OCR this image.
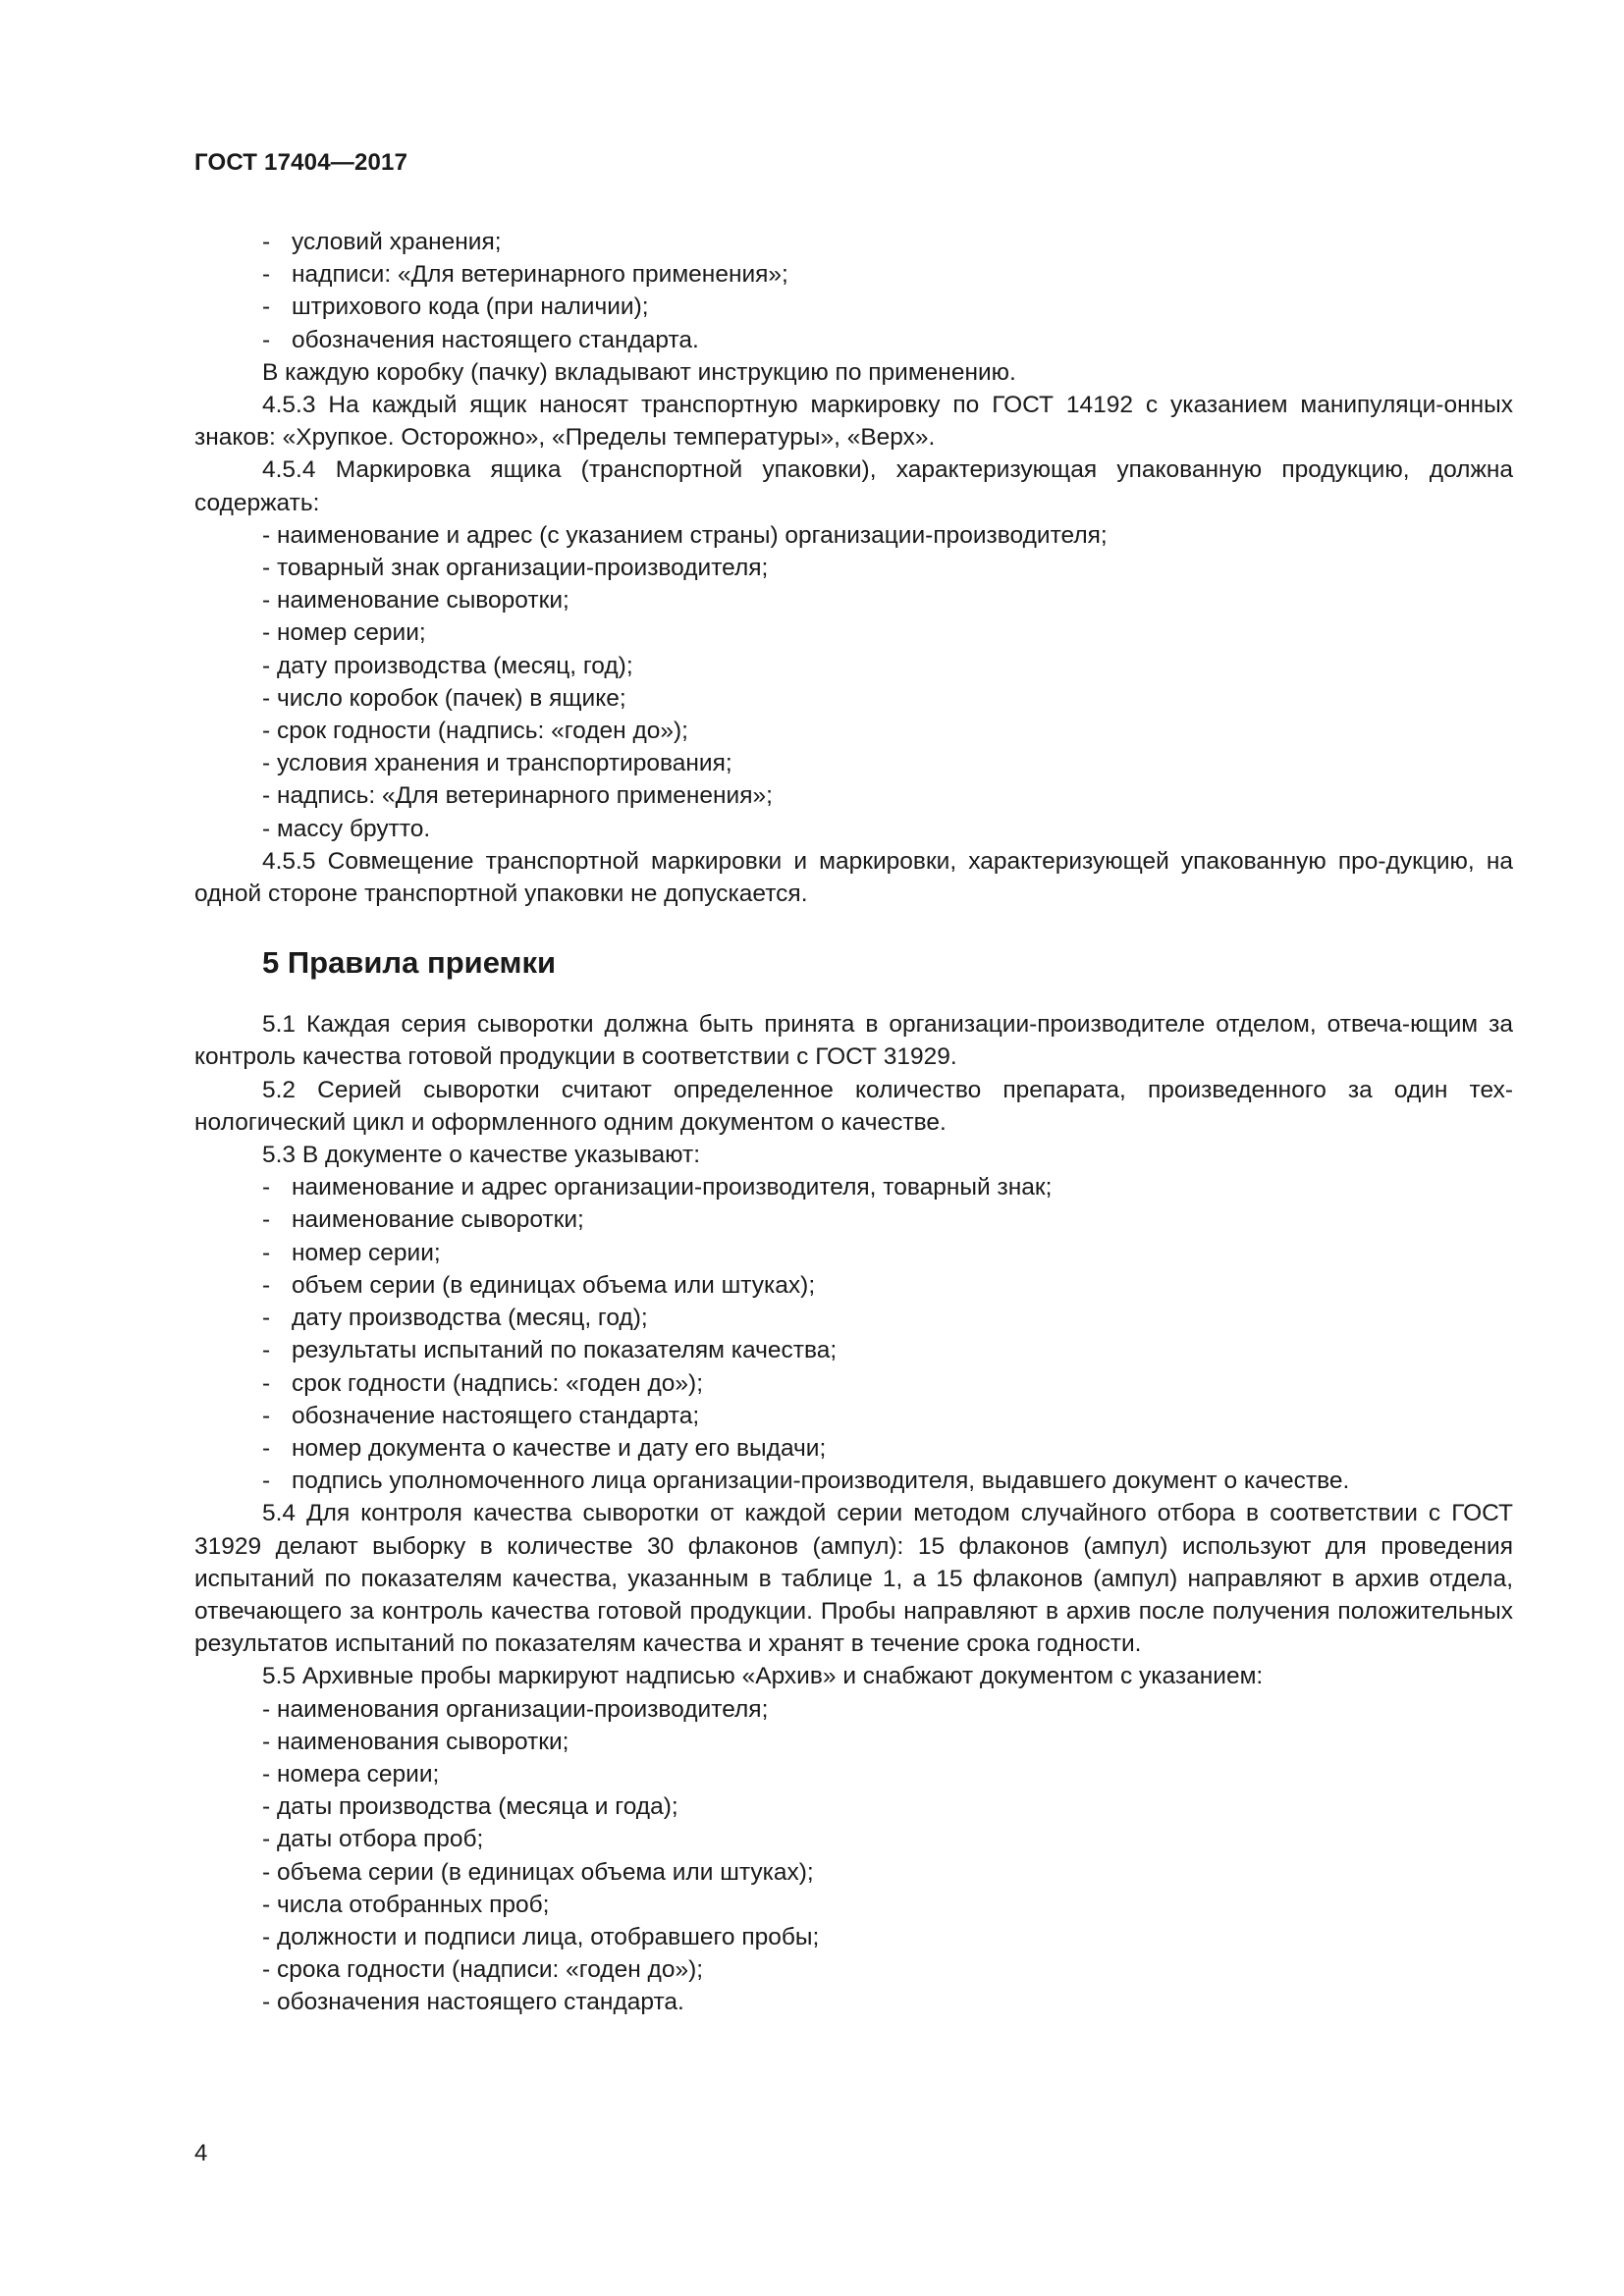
ГОСТ 17404—2017

- условий хранения;

- надписи: «Для ветеринарного применения»;

- штрихового кода (при наличии);

- обозначения настоящего стандарта.

В каждую коробку (пачку) вкладывают инструкцию по применению.

4.5.3 На каждый ящик наносят транспортную маркировку по ГОСТ 14192 с указанием манипуляци-онных знаков: «Хрупкое. Осторожно», «Пределы температуры», «Верх».

4.5.4 Маркировка ящика (транспортной упаковки), характеризующая упакованную продукцию, должна содержать:

- наименование и адрес (с указанием страны) организации-производителя;

- товарный знак организации-производителя;

- наименование сыворотки;

- номер серии;

- дату производства (месяц, год);

- число коробок (пачек) в ящике;

- срок годности (надпись: «годен до»);

- условия хранения и транспортирования;

- надпись: «Для ветеринарного применения»;

- массу брутто.

4.5.5 Совмещение транспортной маркировки и маркировки, характеризующей упакованную про-дукцию, на одной стороне транспортной упаковки не допускается.

5 Правила приемки

5.1 Каждая серия сыворотки должна быть принята в организации-производителе отделом, отвеча-ющим за контроль качества готовой продукции в соответствии с ГОСТ 31929.

5.2 Серией сыворотки считают определенное количество препарата, произведенного за один тех-нологический цикл и оформленного одним документом о качестве.

5.3 В документе о качестве указывают:

- наименование и адрес организации-производителя, товарный знак;

- наименование сыворотки;

- номер серии;

- объем серии (в единицах объема или штуках);

- дату производства (месяц, год);

- результаты испытаний по показателям качества;

- срок годности (надпись: «годен до»);

- обозначение настоящего стандарта;

- номер документа о качестве и дату его выдачи;

- подпись уполномоченного лица организации-производителя, выдавшего документ о качестве.

5.4 Для контроля качества сыворотки от каждой серии методом случайного отбора в соответствии с ГОСТ 31929 делают выборку в количестве 30 флаконов (ампул): 15 флаконов (ампул) используют для проведения испытаний по показателям качества, указанным в таблице 1, а 15 флаконов (ампул) направляют в архив отдела, отвечающего за контроль качества готовой продукции. Пробы направляют в архив после получения положительных результатов испытаний по показателям качества и хранят в течение срока годности.

5.5 Архивные пробы маркируют надписью «Архив» и снабжают документом с указанием:

- наименования организации-производителя;

- наименования сыворотки;

- номера серии;

- даты производства (месяца и года);

- даты отбора проб;

- объема серии (в единицах объема или штуках);

- числа отобранных проб;

- должности и подписи лица, отобравшего пробы;

- срока годности (надписи: «годен до»);

- обозначения настоящего стандарта.

4
